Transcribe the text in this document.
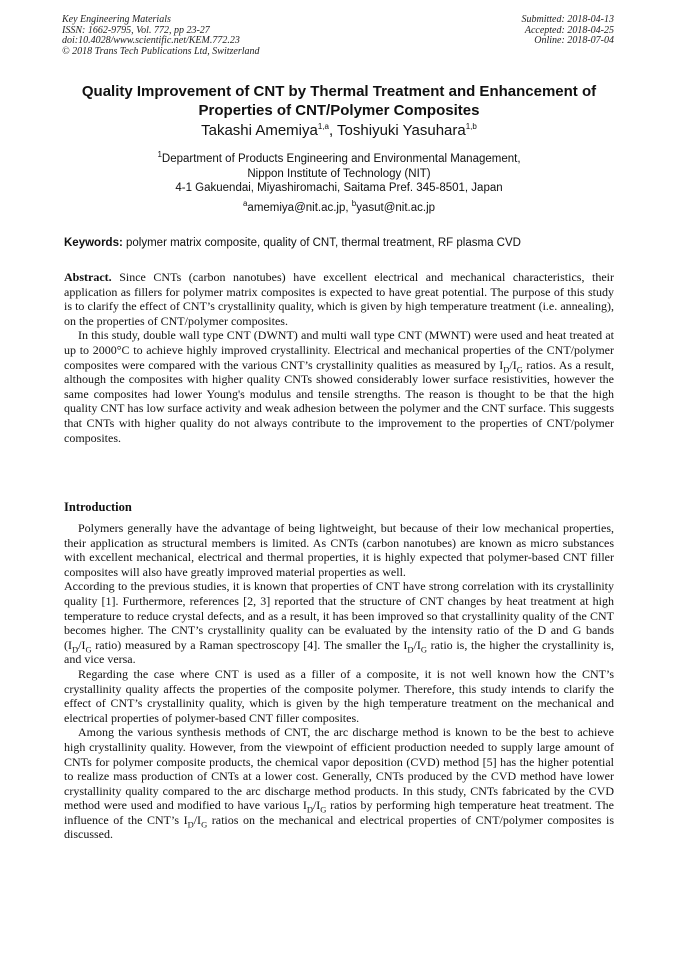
Key Engineering Materials
ISSN: 1662-9795, Vol. 772, pp 23-27
doi:10.4028/www.scientific.net/KEM.772.23
© 2018 Trans Tech Publications Ltd, Switzerland
Submitted: 2018-04-13
Accepted: 2018-04-25
Online: 2018-07-04
Quality Improvement of CNT by Thermal Treatment and Enhancement of
Properties of CNT/Polymer Composites
Takashi Amemiya$^{1,a}$, Toshiyuki Yasuhara$^{1,b}$
$^1$Department of Products Engineering and Environmental Management,
Nippon Institute of Technology (NIT)
4-1 Gakuendai, Miyashiromachi, Saitama Pref. 345-8501, Japan
$^a$amemiya@nit.ac.jp, $^b$yasut@nit.ac.jp
Keywords: polymer matrix composite, quality of CNT, thermal treatment, RF plasma CVD

Abstract. Since CNTs (carbon nanotubes) have excellent electrical and mechanical characteristics, their application as fillers for polymer matrix composites is expected to have great potential. The purpose of this study is to clarify the effect of CNT’s crystallinity quality, which is given by high temperature treatment (i.e. annealing), on the properties of CNT/polymer composites.

In this study, double wall type CNT (DWNT) and multi wall type CNT (MWNT) were used and heat treated at up to 2000°C to achieve highly improved crystallinity. Electrical and mechanical properties of the CNT/polymer composites were compared with the various CNT’s crystallinity qualities as measured by $I_D/I_G$ ratios. As a result, although the composites with higher quality CNTs showed considerably lower surface resistivities, however the same composites had lower Young's modulus and tensile strengths. The reason is thought to be that the high quality CNT has low surface activity and weak adhesion between the polymer and the CNT surface. This suggests that CNTs with higher quality do not always contribute to the improvement to the properties of CNT/polymer composites.

Introduction

Polymers generally have the advantage of being lightweight, but because of their low mechanical properties, their application as structural members is limited. As CNTs (carbon nanotubes) are known as micro substances with excellent mechanical, electrical and thermal properties, it is highly expected that polymer-based CNT filler composites will also have greatly improved material properties as well.

According to the previous studies, it is known that properties of CNT have strong correlation with its crystallinity quality [1]. Furthermore, references [2, 3] reported that the structure of CNT changes by heat treatment at high temperature to reduce crystal defects, and as a result, it has been improved so that crystallinity quality of the CNT becomes higher. The CNT’s crystallinity quality can be evaluated by the intensity ratio of the D and G bands ($I_D/I_G$ ratio) measured by a Raman spectroscopy [4]. The smaller the $I_D/I_G$ ratio is, the higher the crystallinity is, and vice versa.

Regarding the case where CNT is used as a filler of a composite, it is not well known how the CNT’s crystallinity quality affects the properties of the composite polymer. Therefore, this study intends to clarify the effect of CNT’s crystallinity quality, which is given by the high temperature treatment on the mechanical and electrical properties of polymer-based CNT filler composites.

Among the various synthesis methods of CNT, the arc discharge method is known to be the best to achieve high crystallinity quality. However, from the viewpoint of efficient production needed to supply large amount of CNTs for polymer composite products, the chemical vapor deposition (CVD) method [5] has the higher potential to realize mass production of CNTs at a lower cost. Generally, CNTs produced by the CVD method have lower crystallinity quality compared to the arc discharge method products. In this study, CNTs fabricated by the CVD method were used and modified to have various $I_D/I_G$ ratios by performing high temperature heat treatment. The influence of the CNT’s $I_D/I_G$ ratios on the mechanical and electrical properties of CNT/polymer composites is discussed.
